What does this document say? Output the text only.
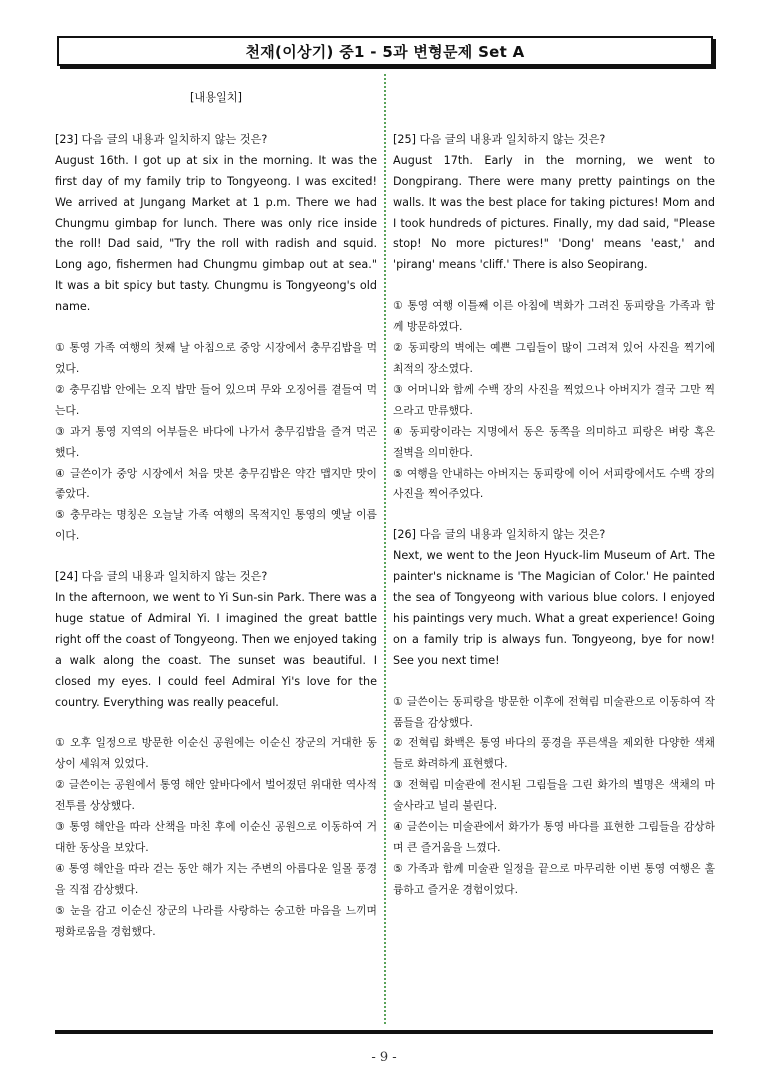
천재(이상기) 중1 - 5과 변형문제 Set A

[내용일치]

[23] 다음 글의 내용과 일치하지 않는 것은?

August 16th. I got up at six in the morning. It was the first day of my family trip to Tongyeong. I was excited! We arrived at Jungang Market at 1 p.m. There we had Chungmu gimbap for lunch. There was only rice inside the roll! Dad said, "Try the roll with radish and squid. Long ago, fishermen had Chungmu gimbap out at sea." It was a bit spicy but tasty. Chungmu is Tongyeong's old name.

① 통영 가족 여행의 첫째 날 아침으로 중앙 시장에서 충무김밥을 먹었다.
② 충무김밥 안에는 오직 밥만 들어 있으며 무와 오징어를 곁들여 먹는다.
③ 과거 통영 지역의 어부들은 바다에 나가서 충무김밥을 즐겨 먹곤 했다.
④ 글쓴이가 중앙 시장에서 처음 맛본 충무김밥은 약간 맵지만 맛이 좋았다.
⑤ 충무라는 명칭은 오늘날 가족 여행의 목적지인 통영의 옛날 이름이다.

[24] 다음 글의 내용과 일치하지 않는 것은?

In the afternoon, we went to Yi Sun-sin Park. There was a huge statue of Admiral Yi. I imagined the great battle right off the coast of Tongyeong. Then we enjoyed taking a walk along the coast. The sunset was beautiful. I closed my eyes. I could feel Admiral Yi's love for the country. Everything was really peaceful.

① 오후 일정으로 방문한 이순신 공원에는 이순신 장군의 거대한 동상이 세워져 있었다.
② 글쓴이는 공원에서 통영 해안 앞바다에서 벌어졌던 위대한 역사적 전투를 상상했다.
③ 통영 해안을 따라 산책을 마친 후에 이순신 공원으로 이동하여 거대한 동상을 보았다.
④ 통영 해안을 따라 걷는 동안 해가 지는 주변의 아름다운 일몰 풍경을 직접 감상했다.
⑤ 눈을 감고 이순신 장군의 나라를 사랑하는 숭고한 마음을 느끼며 평화로움을 경험했다.

[25] 다음 글의 내용과 일치하지 않는 것은?

August 17th. Early in the morning, we went to Dongpirang. There were many pretty paintings on the walls. It was the best place for taking pictures! Mom and I took hundreds of pictures. Finally, my dad said, "Please stop! No more pictures!" 'Dong' means 'east,' and 'pirang' means 'cliff.' There is also Seopirang.

① 통영 여행 이틀째 이른 아침에 벽화가 그려진 동피랑을 가족과 함께 방문하였다.
② 동피랑의 벽에는 예쁜 그림들이 많이 그려져 있어 사진을 찍기에 최적의 장소였다.
③ 어머니와 함께 수백 장의 사진을 찍었으나 아버지가 결국 그만 찍으라고 만류했다.
④ 동피랑이라는 지명에서 동은 동쪽을 의미하고 피랑은 벼랑 혹은 절벽을 의미한다.
⑤ 여행을 안내하는 아버지는 동피랑에 이어 서피랑에서도 수백 장의 사진을 찍어주었다.

[26] 다음 글의 내용과 일치하지 않는 것은?

Next, we went to the Jeon Hyuck-lim Museum of Art. The painter's nickname is 'The Magician of Color.' He painted the sea of Tongyeong with various blue colors. I enjoyed his paintings very much. What a great experience! Going on a family trip is always fun. Tongyeong, bye for now! See you next time!

① 글쓴이는 동피랑을 방문한 이후에 전혁림 미술관으로 이동하여 작품들을 감상했다.
② 전혁림 화백은 통영 바다의 풍경을 푸른색을 제외한 다양한 색채들로 화려하게 표현했다.
③ 전혁림 미술관에 전시된 그림들을 그린 화가의 별명은 색채의 마술사라고 널리 불린다.
④ 글쓴이는 미술관에서 화가가 통영 바다를 표현한 그림들을 감상하며 큰 즐거움을 느꼈다.
⑤ 가족과 함께 미술관 일정을 끝으로 마무리한 이번 통영 여행은 훌륭하고 즐거운 경험이었다.
- 9 -
